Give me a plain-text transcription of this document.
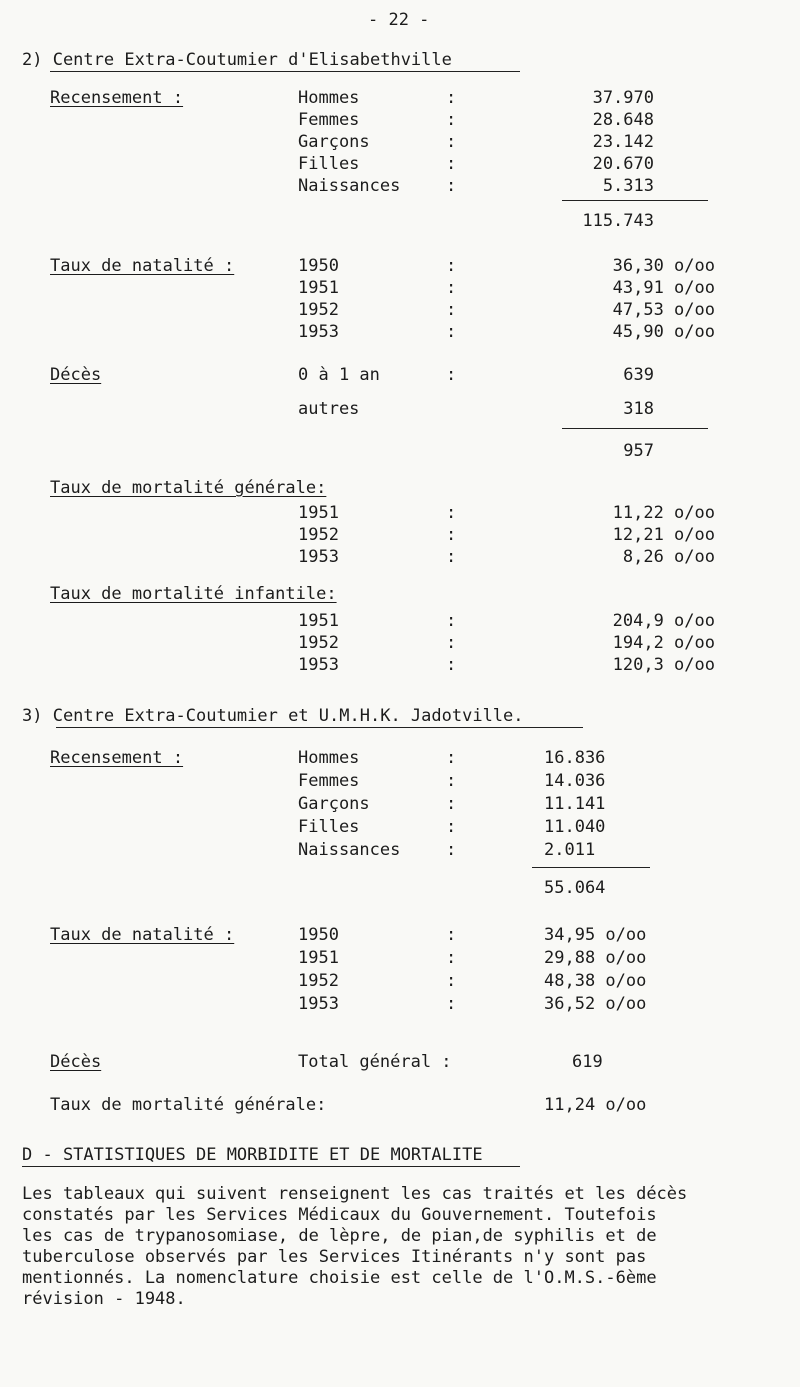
- 22 -
2) Centre Extra-Coutumier d'Elisabethville
Recensement :	Hommes	:	37.970
Femmes	:	28.648
Garçons	:	23.142
Filles	:	20.670
Naissances	:	5.313
115.743
Taux de natalité :	1950	:	36,30 o/oo
1951	:	43,91 o/oo
1952	:	47,53 o/oo
1953	:	45,90 o/oo
Décès	0 à 1 an	:	639
autres	318
957
Taux de mortalité générale:
1951	:	11,22 o/oo
1952	:	12,21 o/oo
1953	:	8,26 o/oo
Taux de mortalité infantile:
1951	:	204,9 o/oo
1952	:	194,2 o/oo
1953	:	120,3 o/oo
3) Centre Extra-Coutumier et U.M.H.K. Jadotville.
Recensement :	Hommes	:	16.836
Femmes	:	14.036
Garçons	:	11.141
Filles	:	11.040
Naissances	:	2.011
55.064
Taux de natalité :	1950	:	34,95 o/oo
1951	:	29,88 o/oo
1952	:	48,38 o/oo
1953	:	36,52 o/oo
Décès	Total général :	619
Taux de mortalité générale:	11,24 o/oo
D - STATISTIQUES DE MORBIDITE ET DE MORTALITE
Les tableaux qui suivent renseignent les cas traités et les décès
constatés par les Services Médicaux du Gouvernement. Toutefois
les cas de trypanosomiase, de lèpre, de pian,de syphilis et de
tuberculose observés par les Services Itinérants n'y sont pas
mentionnés. La nomenclature choisie est celle de l'O.M.S.-6ème
révision - 1948.
